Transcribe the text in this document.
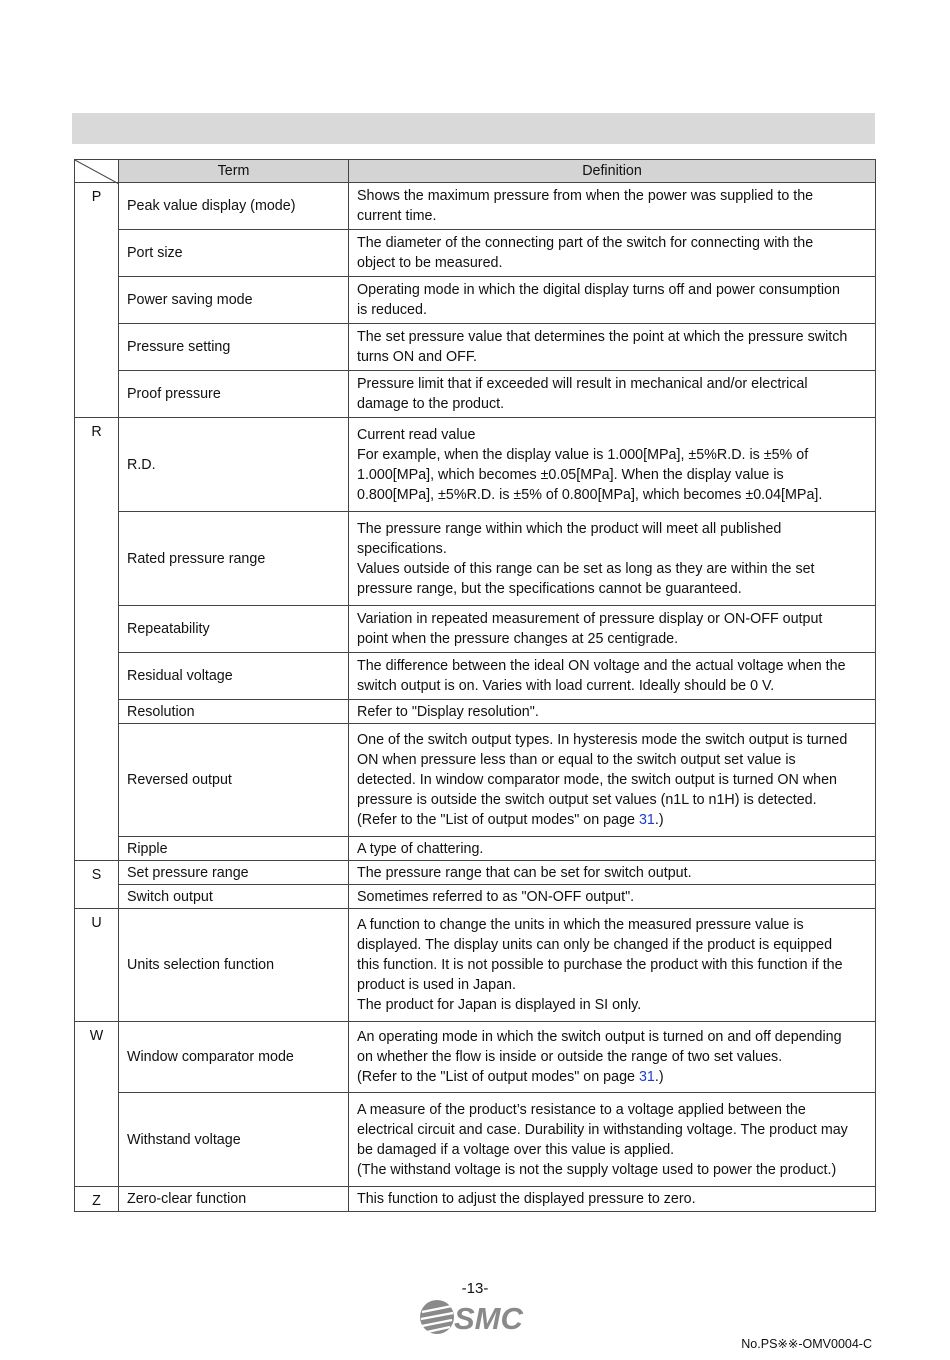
	Term	Definition
P	Peak value display (mode)	Shows the maximum pressure from when the power was supplied to the
current time.

	Port size	The diameter of the connecting part of the switch for connecting with the
object to be measured.

	Power saving mode	Operating mode in which the digital display turns off and power consumption
is reduced.

	Pressure setting	The set pressure value that determines the point at which the pressure switch
turns ON and OFF.

	Proof pressure	Pressure limit that if exceeded will result in mechanical and/or electrical
damage to the product.

R	R.D.	Current read value
For example, when the display value is 1.000[MPa], ±5%R.D. is ±5% of
1.000[MPa], which becomes ±0.05[MPa]. When the display value is
0.800[MPa], ±5%R.D. is ±5% of 0.800[MPa], which becomes ±0.04[MPa].

	Rated pressure range	The pressure range within which the product will meet all published
specifications.
Values outside of this range can be set as long as they are within the set
pressure range, but the specifications cannot be guaranteed.

	Repeatability	Variation in repeated measurement of pressure display or ON-OFF output
point when the pressure changes at 25 centigrade.

	Residual voltage	The difference between the ideal ON voltage and the actual voltage when the
switch output is on. Varies with load current. Ideally should be 0 V.

	Resolution	Refer to "Display resolution".

	Reversed output	One of the switch output types. In hysteresis mode the switch output is turned
ON when pressure less than or equal to the switch output set value is
detected. In window comparator mode, the switch output is turned ON when
pressure is outside the switch output set values (n1L to n1H) is detected.
(Refer to the "List of output modes" on page 31.)

	Ripple	A type of chattering.

S	Set pressure range	The pressure range that can be set for switch output.

	Switch output	Sometimes referred to as "ON-OFF output".

U	Units selection function	A function to change the units in which the measured pressure value is
displayed. The display units can only be changed if the product is equipped
this function. It is not possible to purchase the product with this function if the
product is used in Japan.
The product for Japan is displayed in SI only.

W	Window comparator mode	An operating mode in which the switch output is turned on and off depending
on whether the flow is inside or outside the range of two set values.
(Refer to the "List of output modes" on page 31.)

	Withstand voltage	A measure of the product’s resistance to a voltage applied between the
electrical circuit and case. Durability in withstanding voltage. The product may
be damaged if a voltage over this value is applied.
(The withstand voltage is not the supply voltage used to power the product.)

Z	Zero-clear function	This function to adjust the displayed pressure to zero.
-13-
SMC
No.PS※※-OMV0004-C
